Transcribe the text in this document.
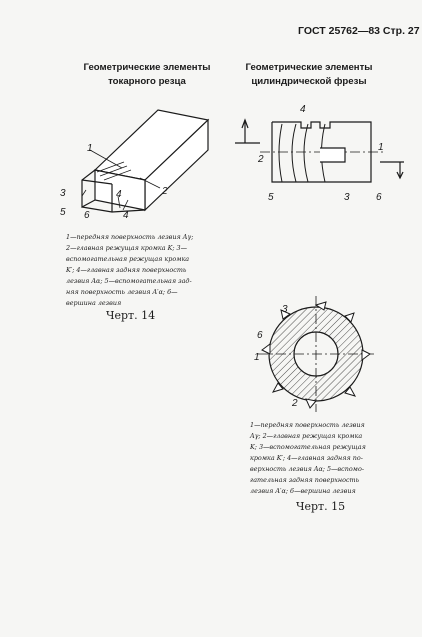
ГОСТ 25762—83 Стр. 27
Геометрические элементы
токарного резца
Геометрические элементы
цилиндрической фрезы
1
2
3	4
5 6	4
4
1
2
5	3	6
3
6
1
2
1—передняя поверхность лезвия Aγ;
2—главная режущая кромка K; 3—
вспомогательная режущая кромка
K′; 4—главная задняя поверхность
лезвия Aα; 5—вспомогательная зад-
няя поверхность лезвия A′α; 6—
вершина лезвия
Черт. 14
1—передняя поверхность лезвия
Aγ; 2—главная режущая кромка
K; 3—вспомогательная режущая
кромка K′; 4—главная задняя по-
верхность лезвия Aα; 5—вспомо-
гательная задняя поверхность
лезвия A′α; 6—вершина лезвия
Черт. 15
